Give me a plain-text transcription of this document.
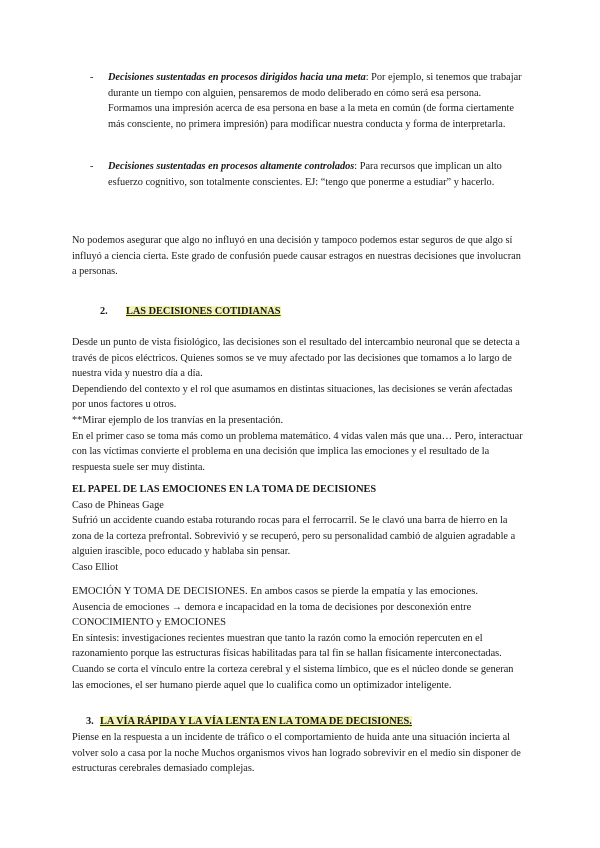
- Decisiones sustentadas en procesos dirigidos hacia una meta: Por ejemplo, si tenemos que trabajar durante un tiempo con alguien, pensaremos de modo deliberado en cómo será esa persona. Formamos una impresión acerca de esa persona en base a la meta en común (de forma ciertamente más consciente, no primera impresión) para modificar nuestra conducta y forma de interpretarla.
- Decisiones sustentadas en procesos altamente controlados: Para recursos que implican un alto esfuerzo cognitivo, son totalmente conscientes. EJ: “tengo que ponerme a estudiar” y hacerlo.
No podemos asegurar que algo no influyó en una decisión y tampoco podemos estar seguros de que algo sí influyó a ciencia cierta. Este grado de confusión puede causar estragos en nuestras decisiones que involucran a personas.
2. LAS DECISIONES COTIDIANAS
Desde un punto de vista fisiológico, las decisiones son el resultado del intercambio neuronal que se detecta a través de picos eléctricos. Quienes somos se ve muy afectado por las decisiones que tomamos a lo largo de nuestra vida y nuestro día a día.
Dependiendo del contexto y el rol que asumamos en distintas situaciones, las decisiones se verán afectadas por unos factores u otros.
**Mirar ejemplo de los tranvías en la presentación.
En el primer caso se toma más como un problema matemático. 4 vidas valen más que una… Pero, interactuar con las víctimas convierte el problema en una decisión que implica las emociones y el resultado de la respuesta suele ser muy distinta.
EL PAPEL DE LAS EMOCIONES EN LA TOMA DE DECISIONES
Caso de Phineas Gage
Sufrió un accidente cuando estaba roturando rocas para el ferrocarril. Se le clavó una barra de hierro en la zona de la corteza prefrontal. Sobrevivió y se recuperó, pero su personalidad cambió de alguien agradable a alguien irascible, poco educado y hablaba sin pensar.
Caso Elliot
EMOCIÓN Y TOMA DE DECISIONES. En ambos casos se pierde la empatía y las emociones.
Ausencia de emociones → demora e incapacidad en la toma de decisiones por desconexión entre
CONOCIMIENTO y EMOCIONES
En síntesis: investigaciones recientes muestran que tanto la razón como la emoción repercuten en el razonamiento porque las estructuras físicas habilitadas para tal fin se hallan físicamente interconectadas. Cuando se corta el vínculo entre la corteza cerebral y el sistema límbico, que es el núcleo donde se generan las emociones, el ser humano pierde aquel que lo cualifica como un optimizador inteligente.
3. LA VÍA RÁPIDA Y LA VÍA LENTA EN LA TOMA DE DECISIONES.
Piense en la respuesta a un incidente de tráfico o el comportamiento de huida ante una situación incierta al volver solo a casa por la noche Muchos organismos vivos han logrado sobrevivir en el medio sin disponer de estructuras cerebrales demasiado complejas.
